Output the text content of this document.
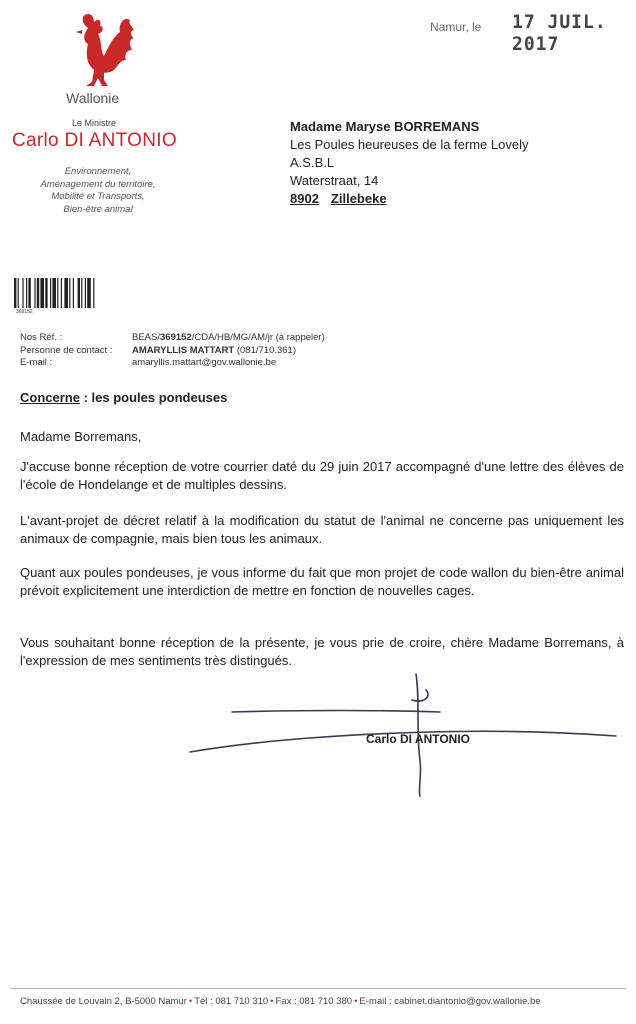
Wallonie
Le Ministre
Carlo DI ANTONIO
Environnement,
Aménagement du territoire,
Mobilité et Transports,
Bien-être animal
Namur, le 17 JUIL. 2017
Madame Maryse BORREMANS
Les Poules heureuses de la ferme Lovely
A.S.B.L
Waterstraat, 14
8902 Zillebeke
369152
Nos Réf. :	BEAS/369152/CDA/HB/MG/AM/jr (à rappeler)
Personne de contact :	AMARYLLIS MATTART (081/710.361)
E-mail :	amaryllis.mattart@gov.wallonie.be
Concerne : les poules pondeuses
Madame Borremans,
J'accuse bonne réception de votre courrier daté du 29 juin 2017 accompagné d'une lettre des élèves de l'école de Hondelange et de multiples dessins.
L'avant-projet de décret relatif à la modification du statut de l'animal ne concerne pas uniquement les animaux de compagnie, mais bien tous les animaux.
Quant aux poules pondeuses, je vous informe du fait que mon projet de code wallon du bien-être animal prévoit explicitement une interdiction de mettre en fonction de nouvelles cages.
Vous souhaitant bonne réception de la présente, je vous prie de croire, chère Madame Borremans, à l'expression de mes sentiments très distingués.
Carlo DI ANTONIO
Chaussée de Louvain 2, B-5000 Namur • Tél : 081 710 310 • Fax : 081 710 380 • E-mail : cabinet.diantonio@gov.wallonie.be
